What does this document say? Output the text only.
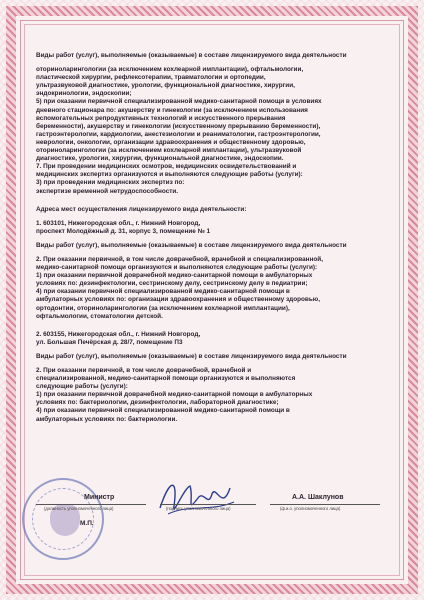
Виды работ (услуг), выполняемые (оказываемые) в составе лицензируемого вида деятельности

оториноларингологии (за исключением кохлеарной имплантации), офтальмологии,

пластической хирургии, рефлексотерапии, травматологии и ортопедии,

ультразвуковой диагностике, урологии, функциональной диагностике, хирургии,

эндокринологии, эндоскопии;

5) при оказании первичной специализированной медико-санитарной помощи в условиях

дневного стационара по: акушерству и гинекологии (за исключением использования

вспомогательных репродуктивных технологий и искусственного прерывания

беременности), акушерству и гинекологии (искусственному прерыванию беременности),

гастроэнтерологии, кардиологии, анестезиологии и реаниматологии, гастроэнтерологии,

неврологии, онкологии, организации здравоохранения и общественному здоровью,

оториноларингологии (за исключением кохлеарной имплантации), ультразвуковой

диагностике, урологии, хирургии, функциональной диагностике, эндоскопии.

7. При проведении медицинских осмотров, медицинских освидетельствований и

медицинских экспертиз организуются и выполняются следующие работы (услуги):

3) при проведении медицинских экспертиз по:

экспертизе временной нетрудоспособности.

Адреса мест осуществления лицензируемого вида деятельности:

1. 603101, Нижегородская обл., г. Нижний Новгород,

проспект Молодёжный д. 31, корпус 3, помещение № 1

Виды работ (услуг), выполняемые (оказываемые) в составе лицензируемого вида деятельности

2. При оказании первичной, в том числе доврачебной, врачебной и специализированной,

медико-санитарной помощи организуются и выполняются следующие работы (услуги):

1) при оказании первичной доврачебной медико-санитарной помощи в амбулаторных

условиях по: дезинфектологии, сестринскому делу, сестринскому делу в педиатрии;

4) при оказании первичной специализированной медико-санитарной помощи в

амбулаторных условиях по: организации здравоохранения и общественному здоровью,

ортодонтии, оториноларингологии (за исключением кохлеарной имплантации),

офтальмологии, стоматологии детской.

2. 603155, Нижегородская обл., г. Нижний Новгород,

ул. Большая Печёрская д. 28/7, помещение П3

Виды работ (услуг), выполняемые (оказываемые) в составе лицензируемого вида деятельности

2. При оказании первичной, в том числе доврачебной, врачебной и

специализированной, медико-санитарной помощи организуются и выполняются

следующие работы (услуги):

1) при оказании первичной доврачебной медико-санитарной помощи в амбулаторных

условиях по: бактериологии, дезинфектологии, лабораторной диагностике;

4) при оказании первичной специализированной медико-санитарной помощи в

амбулаторных условиях по: бактериологии.

Министр
(должность уполномоченного лица)	(подпись уполномоченного лица)
А.А. Шаклунов
(ф.и.о. уполномоченного лица)
М.П.
